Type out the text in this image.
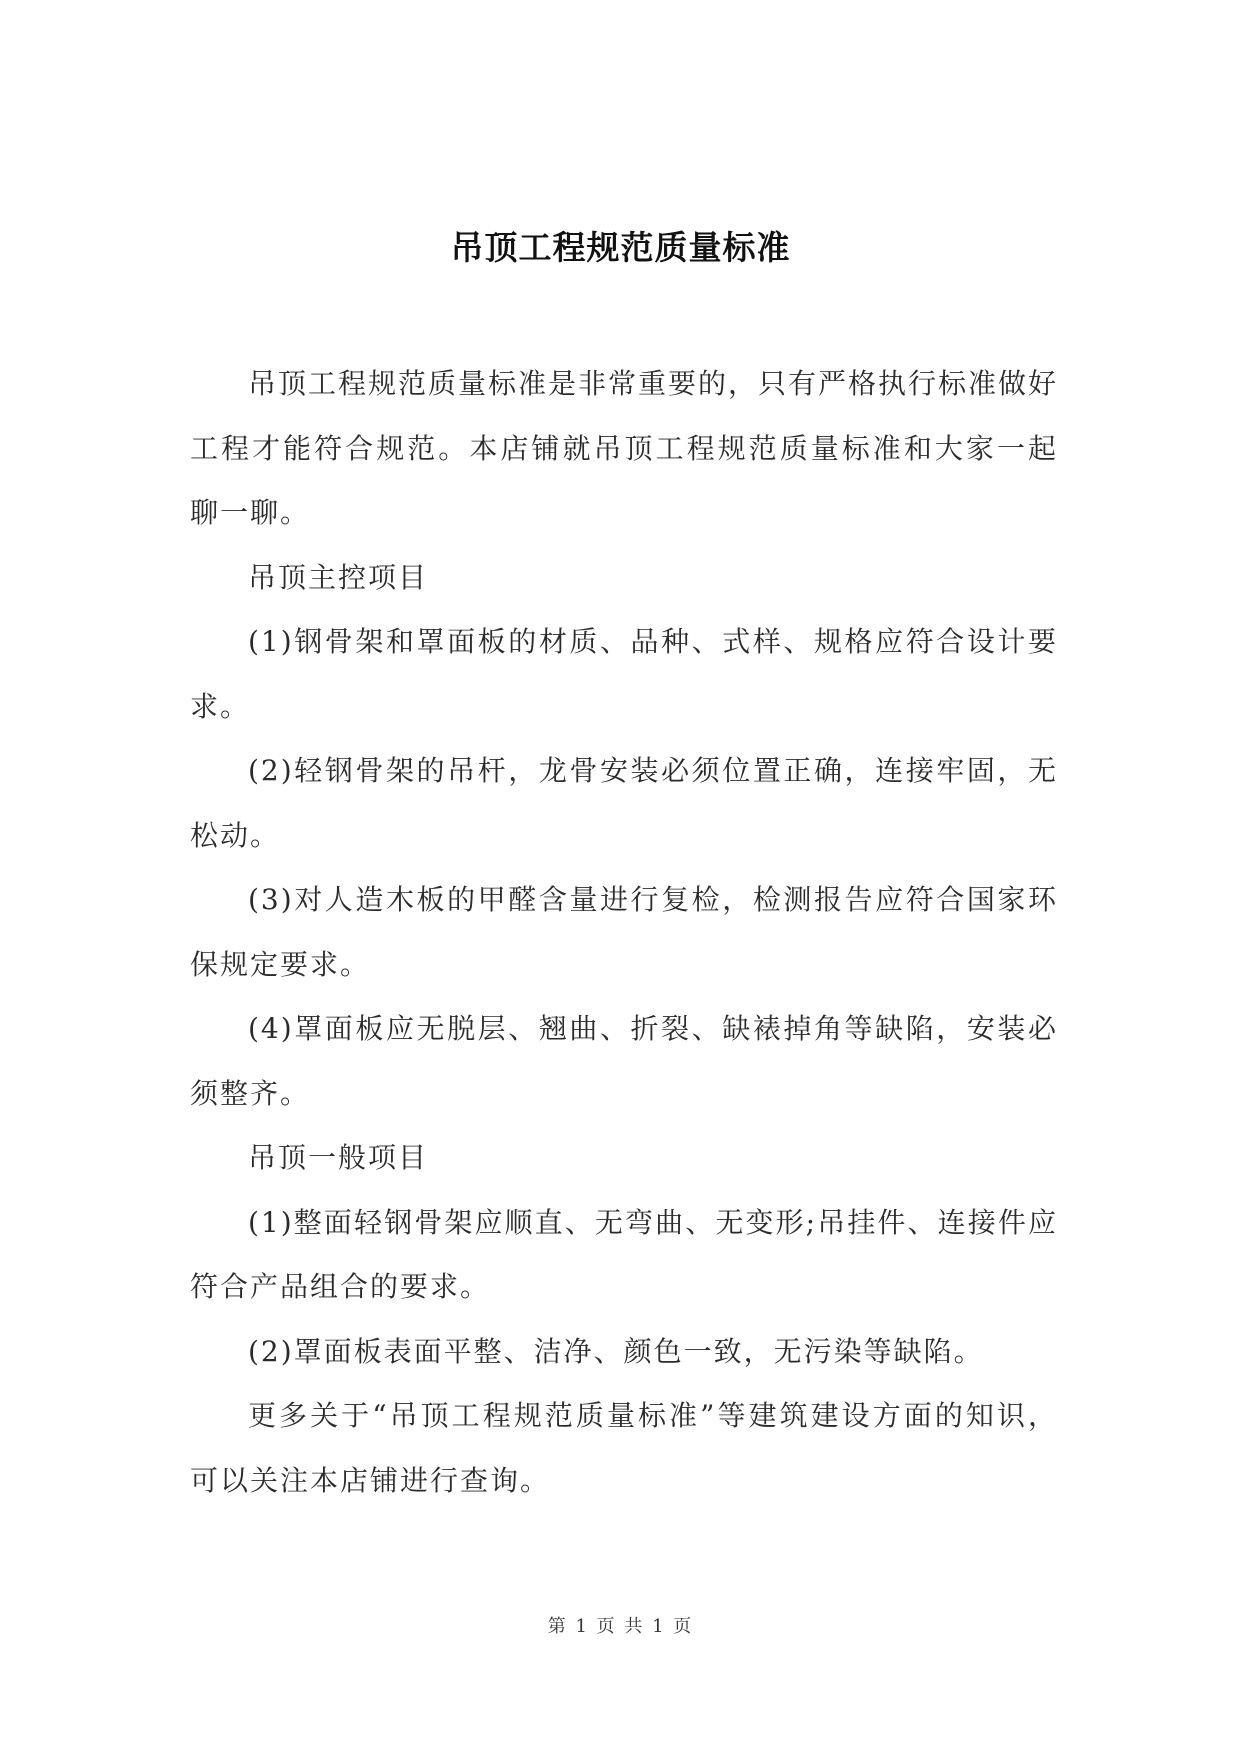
吊顶工程规范质量标准

吊顶工程规范质量标准是非常重要的，只有严格执行标准做好工程才能符合规范。本店铺就吊顶工程规范质量标准和大家一起聊一聊。

吊顶主控项目

(1)钢骨架和罩面板的材质、品种、式样、规格应符合设计要求。

(2)轻钢骨架的吊杆，龙骨安装必须位置正确，连接牢固，无松动。

(3)对人造木板的甲醛含量进行复检，检测报告应符合国家环保规定要求。

(4)罩面板应无脱层、翘曲、折裂、缺裱掉角等缺陷，安装必须整齐。

吊顶一般项目

(1)整面轻钢骨架应顺直、无弯曲、无变形;吊挂件、连接件应符合产品组合的要求。

(2)罩面板表面平整、洁净、颜色一致，无污染等缺陷。

更多关于“吊顶工程规范质量标准”等建筑建设方面的知识，可以关注本店铺进行查询。

第 1 页 共 1 页
